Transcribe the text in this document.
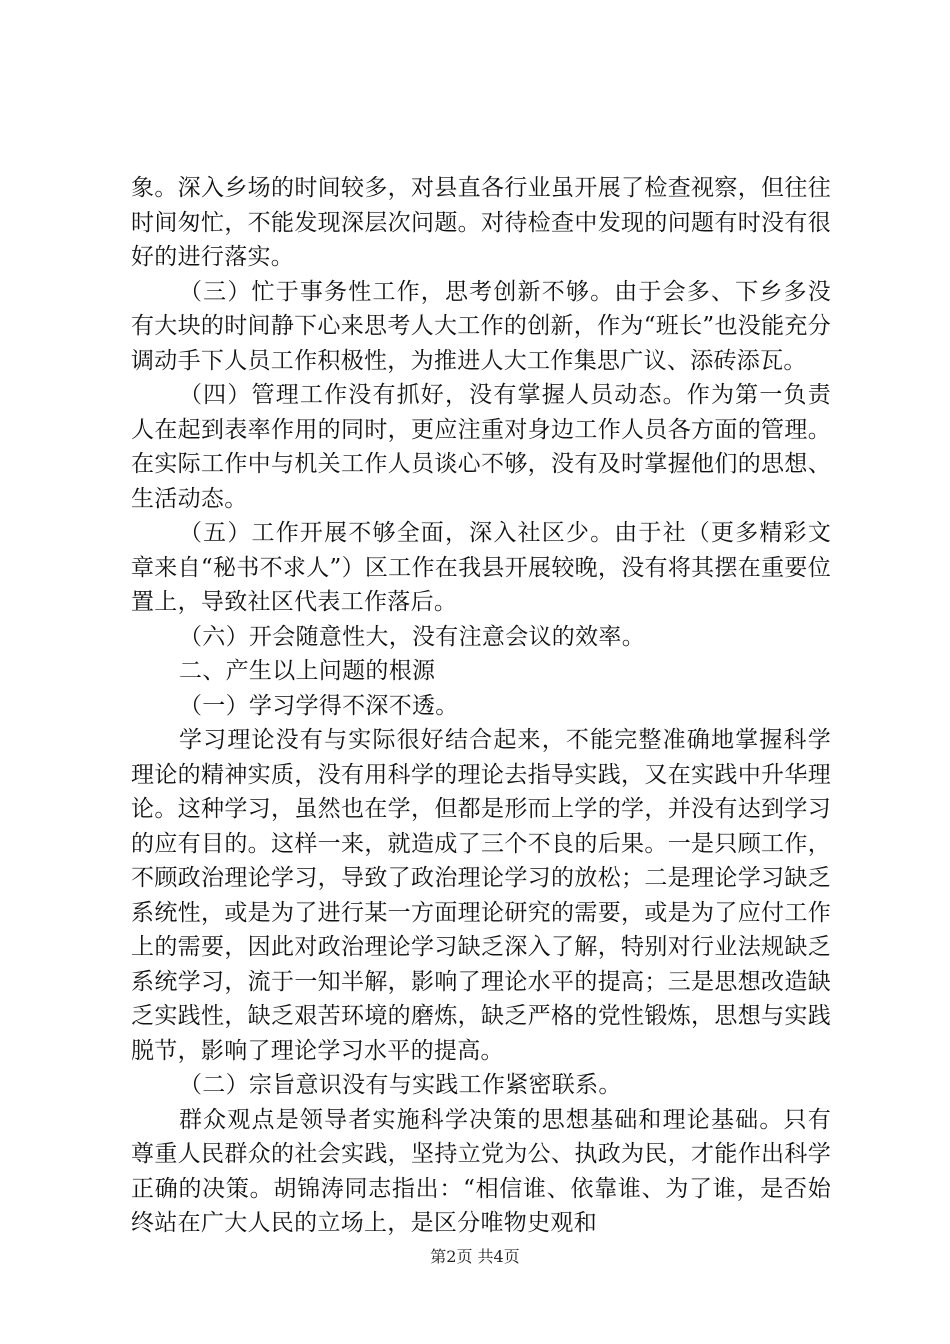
象。深入乡场的时间较多，对县直各行业虽开展了检查视察，但往往时间匆忙，不能发现深层次问题。对待检查中发现的问题有时没有很好的进行落实。

（三）忙于事务性工作，思考创新不够。由于会多、下乡多没有大块的时间静下心来思考人大工作的创新，作为“班长”也没能充分调动手下人员工作积极性，为推进人大工作集思广议、添砖添瓦。

（四）管理工作没有抓好，没有掌握人员动态。作为第一负责人在起到表率作用的同时，更应注重对身边工作人员各方面的管理。在实际工作中与机关工作人员谈心不够，没有及时掌握他们的思想、生活动态。

（五）工作开展不够全面，深入社区少。由于社（更多精彩文章来自“秘书不求人”）区工作在我县开展较晚，没有将其摆在重要位置上，导致社区代表工作落后。

（六）开会随意性大，没有注意会议的效率。

二、产生以上问题的根源

（一）学习学得不深不透。

学习理论没有与实际很好结合起来，不能完整准确地掌握科学理论的精神实质，没有用科学的理论去指导实践，又在实践中升华理论。这种学习，虽然也在学，但都是形而上学的学，并没有达到学习的应有目的。这样一来，就造成了三个不良的后果。一是只顾工作，不顾政治理论学习，导致了政治理论学习的放松；二是理论学习缺乏系统性，或是为了进行某一方面理论研究的需要，或是为了应付工作上的需要，因此对政治理论学习缺乏深入了解，特别对行业法规缺乏系统学习，流于一知半解，影响了理论水平的提高；三是思想改造缺乏实践性，缺乏艰苦环境的磨炼，缺乏严格的党性锻炼，思想与实践脱节，影响了理论学习水平的提高。

（二）宗旨意识没有与实践工作紧密联系。

群众观点是领导者实施科学决策的思想基础和理论基础。只有尊重人民群众的社会实践，坚持立党为公、执政为民，才能作出科学正确的决策。胡锦涛同志指出：“相信谁、依靠谁、为了谁，是否始终站在广大人民的立场上，是区分唯物史观和

第2页 共4页
